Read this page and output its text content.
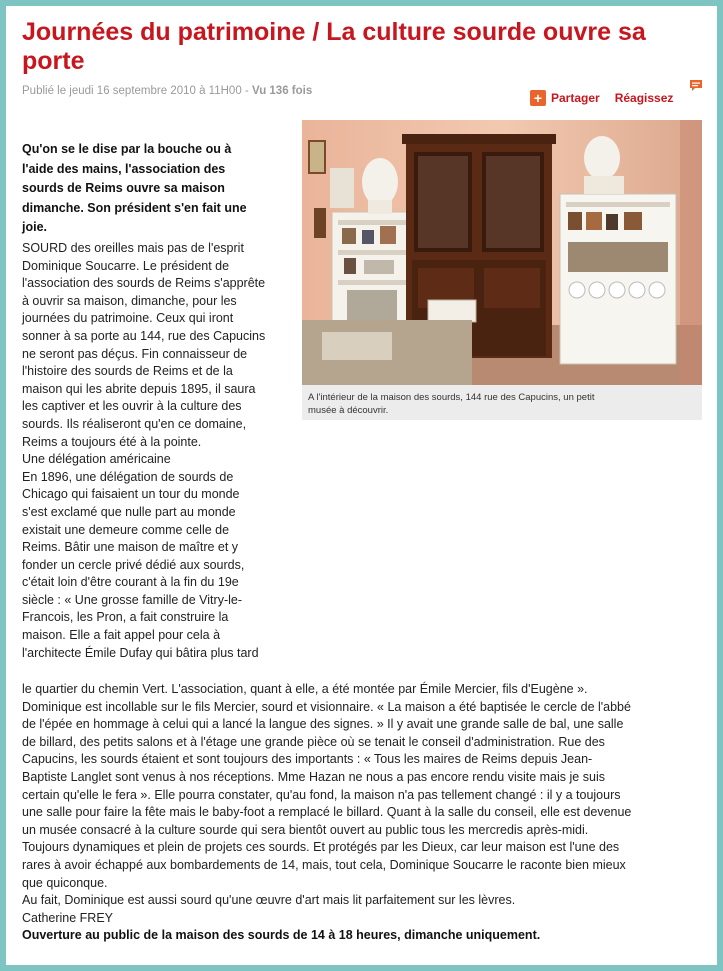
Journées du patrimoine / La culture sourde ouvre sa
porte
Publié le jeudi 16 septembre 2010 à 11H00 - Vu 136 fois	+ Partager Réagissez
Qu'on se le dise par la bouche ou à
l'aide des mains, l'association des
sourds de Reims ouvre sa maison
dimanche. Son président s'en fait une
joie.
A l'intérieur de la maison des sourds, 144 rue des Capucins, un petit
musée à découvrir.
SOURD des oreilles mais pas de l'esprit
Dominique Soucarre. Le président de
l'association des sourds de Reims s'apprête
à ouvrir sa maison, dimanche, pour les
journées du patrimoine. Ceux qui iront
sonner à sa porte au 144, rue des Capucins
ne seront pas déçus. Fin connaisseur de
l'histoire des sourds de Reims et de la
maison qui les abrite depuis 1895, il saura
les captiver et les ouvrir à la culture des
sourds. Ils réaliseront qu'en ce domaine,
Reims a toujours été à la pointe.
Une délégation américaine
En 1896, une délégation de sourds de
Chicago qui faisaient un tour du monde
s'est exclamé que nulle part au monde
existait une demeure comme celle de
Reims. Bâtir une maison de maître et y
fonder un cercle privé dédié aux sourds,
c'était loin d'être courant à la fin du 19e
siècle : « Une grosse famille de Vitry-le-
Francois, les Pron, a fait construire la
maison. Elle a fait appel pour cela à
l'architecte Émile Dufay qui bâtira plus tard
le quartier du chemin Vert. L'association, quant à elle, a été montée par Émile Mercier, fils d'Eugène ».
Dominique est incollable sur le fils Mercier, sourd et visionnaire. « La maison a été baptisée le cercle de l'abbé
de l'épée en hommage à celui qui a lancé la langue des signes. » Il y avait une grande salle de bal, une salle
de billard, des petits salons et à l'étage une grande pièce où se tenait le conseil d'administration. Rue des
Capucins, les sourds étaient et sont toujours des importants : « Tous les maires de Reims depuis Jean-
Baptiste Langlet sont venus à nos réceptions. Mme Hazan ne nous a pas encore rendu visite mais je suis
certain qu'elle le fera ». Elle pourra constater, qu'au fond, la maison n'a pas tellement changé : il y a toujours
une salle pour faire la fête mais le baby-foot a remplacé le billard. Quant à la salle du conseil, elle est devenue
un musée consacré à la culture sourde qui sera bientôt ouvert au public tous les mercredis après-midi.
Toujours dynamiques et plein de projets ces sourds. Et protégés par les Dieux, car leur maison est l'une des
rares à avoir échappé aux bombardements de 14, mais, tout cela, Dominique Soucarre le raconte bien mieux
que quiconque.
Au fait, Dominique est aussi sourd qu'une œuvre d'art mais lit parfaitement sur les lèvres.
Catherine FREY
Ouverture au public de la maison des sourds de 14 à 18 heures, dimanche uniquement.
